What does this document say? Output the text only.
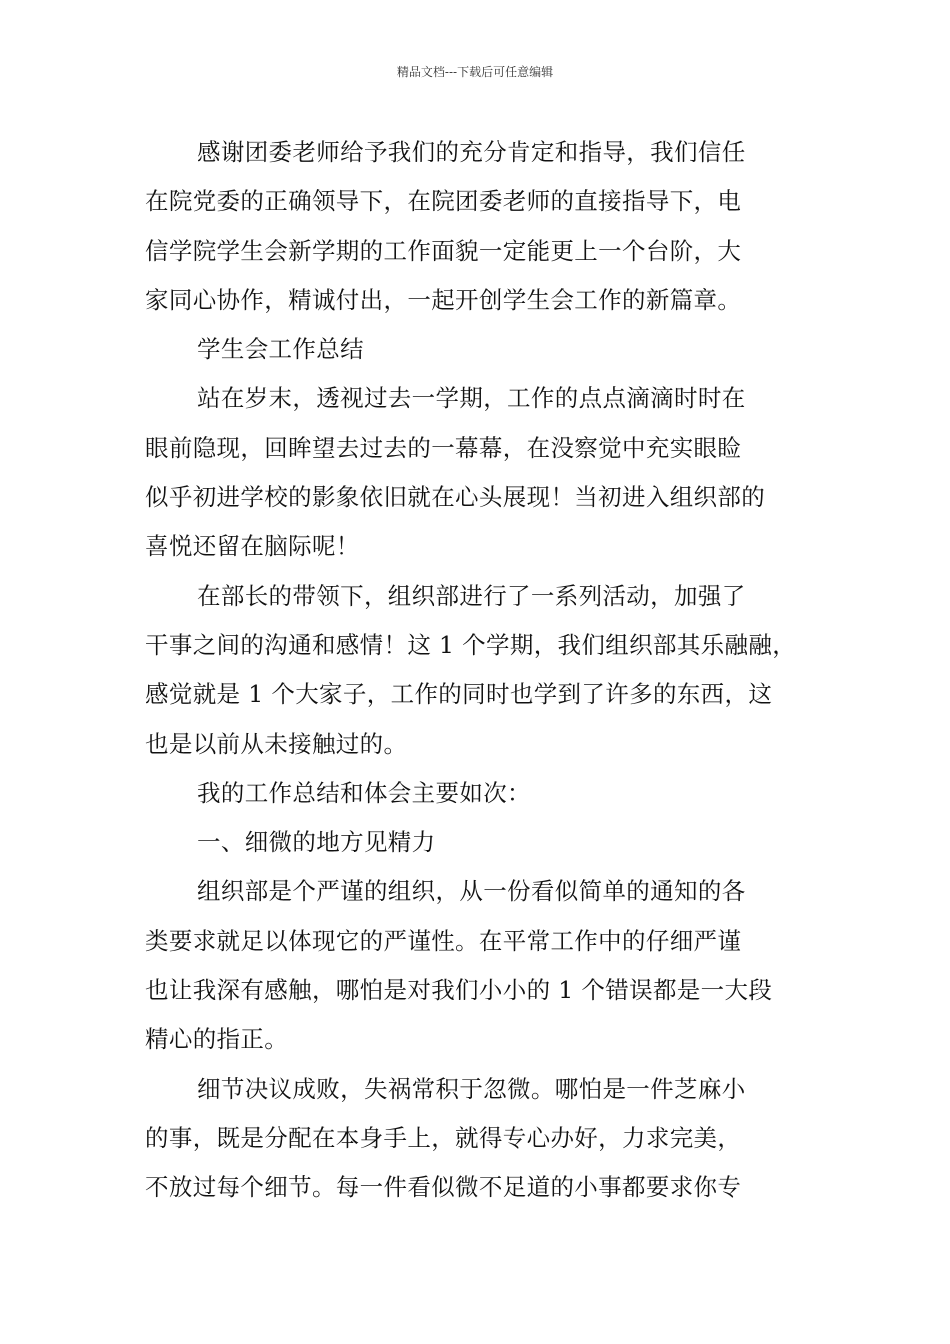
精品文档---下载后可任意编辑
感谢团委老师给予我们的充分肯定和指导，我们信任
在院党委的正确领导下，在院团委老师的直接指导下，电
信学院学生会新学期的工作面貌一定能更上一个台阶，大
家同心协作，精诚付出，一起开创学生会工作的新篇章。
学生会工作总结
站在岁末，透视过去一学期，工作的点点滴滴时时在
眼前隐现，回眸望去过去的一幕幕，在没察觉中充实眼睑
似乎初进学校的影象依旧就在心头展现！当初进入组织部的
喜悦还留在脑际呢！
在部长的带领下，组织部进行了一系列活动，加强了
干事之间的沟通和感情！这 1 个学期，我们组织部其乐融融，
感觉就是 1 个大家子，工作的同时也学到了许多的东西，这
也是以前从未接触过的。
我的工作总结和体会主要如次：
一、细微的地方见精力
组织部是个严谨的组织，从一份看似简单的通知的各
类要求就足以体现它的严谨性。在平常工作中的仔细严谨
也让我深有感触，哪怕是对我们小小的 1 个错误都是一大段
精心的指正。
细节决议成败，失祸常积于忽微。哪怕是一件芝麻小
的事，既是分配在本身手上，就得专心办好，力求完美，
不放过每个细节。每一件看似微不足道的小事都要求你专
